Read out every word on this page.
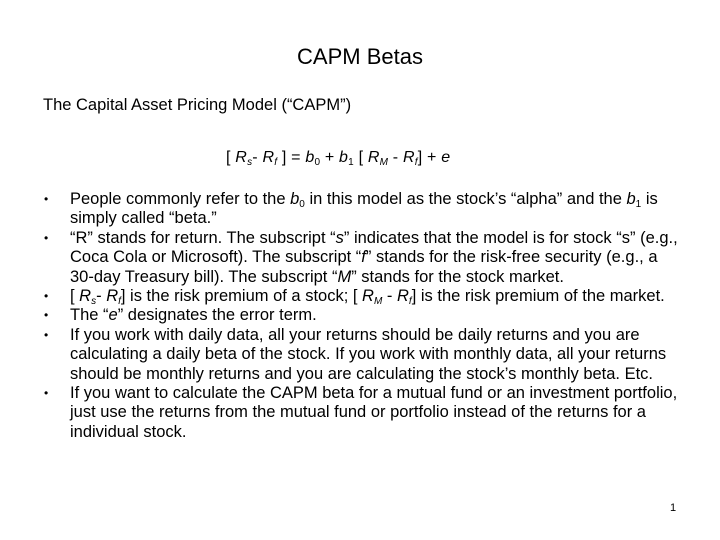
CAPM Betas
The Capital Asset Pricing Model (“CAPM”)
[ $R_s-$ $R_f$ ] = $b_0 + b_1$ [ $R_M - R_f] + e$
• People commonly refer to the $b_0$ in this model as the stock’s “alpha” and the $b_1$ is simply called “beta.”
• “R” stands for return. The subscript “s” indicates that the model is for stock “s” (e.g., Coca Cola or Microsoft). The subscript “f” stands for the risk-free security (e.g., a 30-day Treasury bill). The subscript “M” stands for the stock market.
• [ $R_s-$ $R_f$] is the risk premium of a stock; [ $R_M - R_f$] is the risk premium of the market.
• The “e” designates the error term.
• If you work with daily data, all your returns should be daily returns and you are calculating a daily beta of the stock. If you work with monthly data, all your returns should be monthly returns and you are calculating the stock’s monthly beta. Etc.
• If you want to calculate the CAPM beta for a mutual fund or an investment portfolio, just use the returns from the mutual fund or portfolio instead of the returns for a individual stock.
1
